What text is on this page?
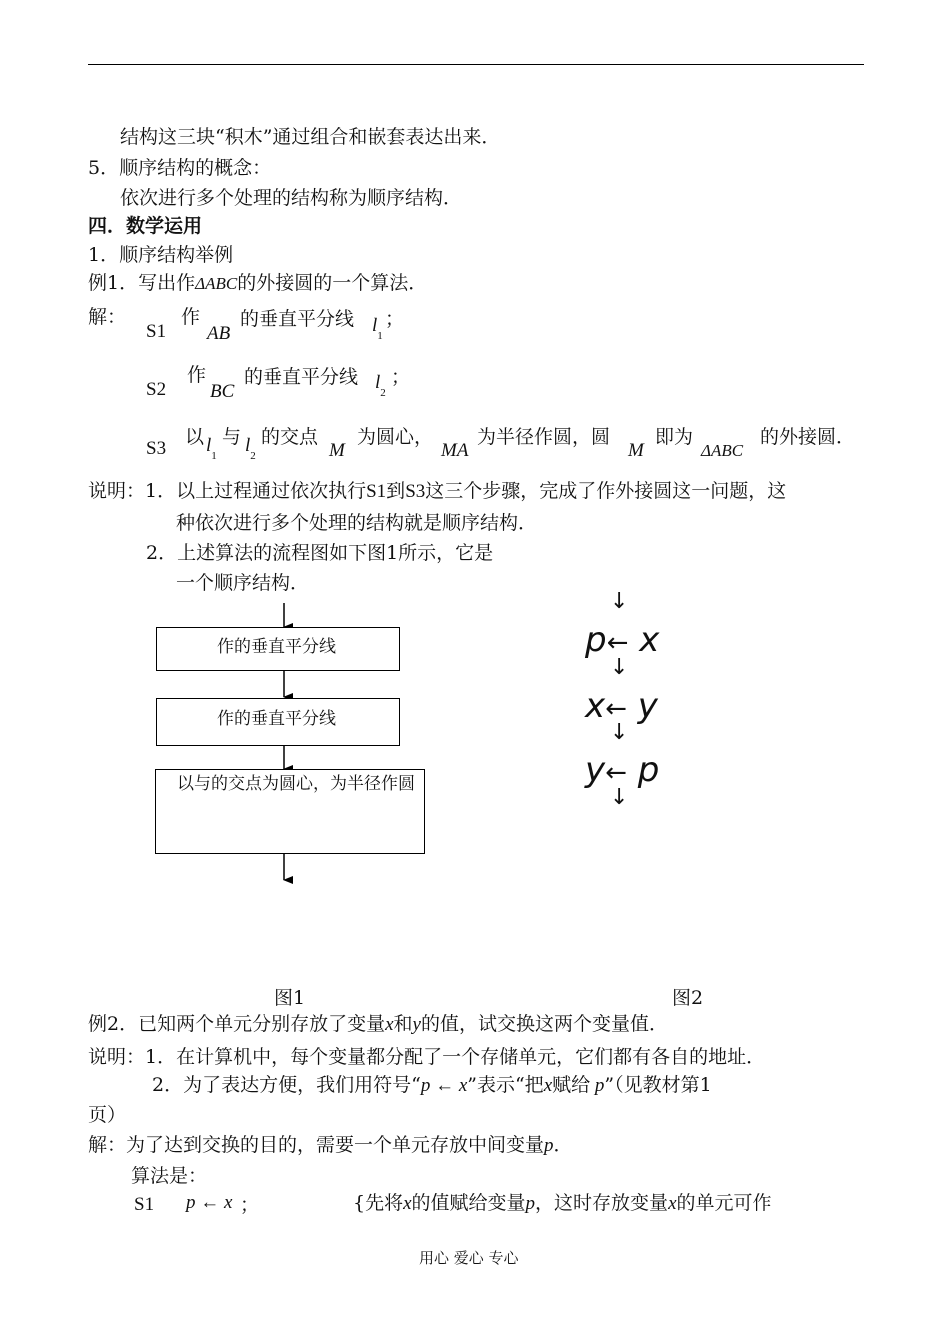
结构这三块“积木”通过组合和嵌套表达出来．
5．顺序结构的概念：
依次进行多个处理的结构称为顺序结构．
四．数学运用
1．顺序结构举例
例1．写出作ΔABC的外接圆的一个算法．
解：
S1
作
AB
的垂直平分线 $l_1$
；
S2
作
BC
的垂直平分线 $l_2$
；
S3
以 $l_1$
与 $l_2$
的交点
M
为圆心，
MA
为半径作圆，圆
M
即为
ΔABC
的外接圆．
说明：1．以上过程通过依次执行S1到S3这三个步骤，完成了作外接圆这一问题，这
种依次进行多个处理的结构就是顺序结构．
2．上述算法的流程图如下图1所示，它是
一个顺序结构．
作的垂直平分线
作的垂直平分线
以与的交点为圆心，为半径作圆
图1
↓
p← x
↓
x← y
↓
y← p
↓
图2
例2．已知两个单元分别存放了变量x和y的值，试交换这两个变量值．
说明：1．在计算机中，每个变量都分配了一个存储单元，它们都有各自的地址．
2．为了表达方便，我们用符号“p ← x”表示“把x赋给 p”（见教材第1
页）
解：为了达到交换的目的，需要一个单元存放中间变量p．
算法是：
S1 p ← x ；	{先将x的值赋给变量p，这时存放变量x的单元可作
用心 爱心 专心
